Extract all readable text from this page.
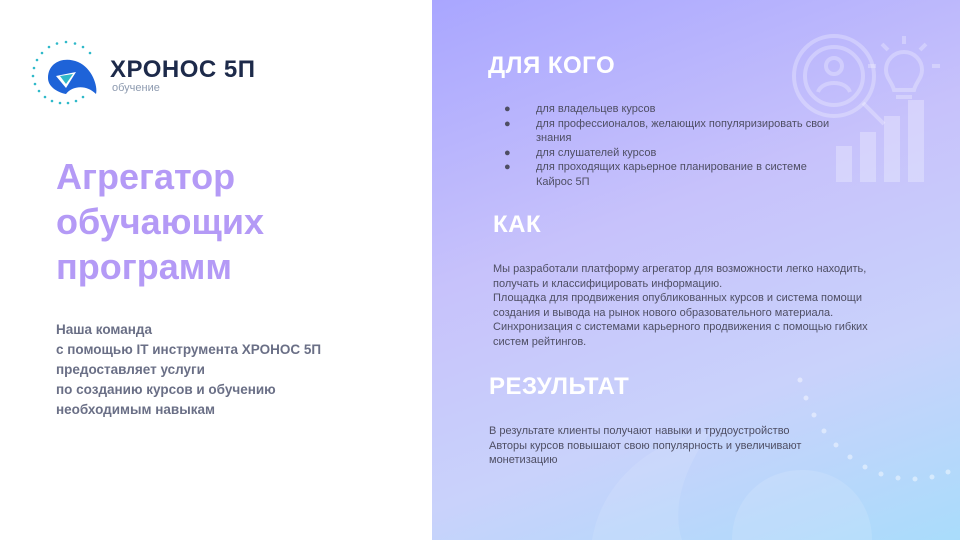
ХРОНОС 5П
обучение
Агрегатор
обучающих
программ
Наша команда
с помощью IT инструмента ХРОНОС 5П
предоставляет услуги
по созданию курсов и обучению
необходимым навыкам
ДЛЯ КОГО
● для владельцев курсов
● для профессионалов, желающих популяризировать свои знания
● для слушателей курсов
● для проходящих карьерное планирование в системе Кайрос 5П
КАК
Мы разработали платформу агрегатор для возможности легко находить,
получать и классифицировать информацию.
Площадка для продвижения опубликованных курсов и система помощи
создания и вывода на рынок нового образовательного материала.
Синхронизация с системами карьерного продвижения с помощью гибких
систем рейтингов.
РЕЗУЛЬТАТ
В результате клиенты получают навыки и трудоустройство
Авторы курсов повышают свою популярность и увеличивают
монетизацию
